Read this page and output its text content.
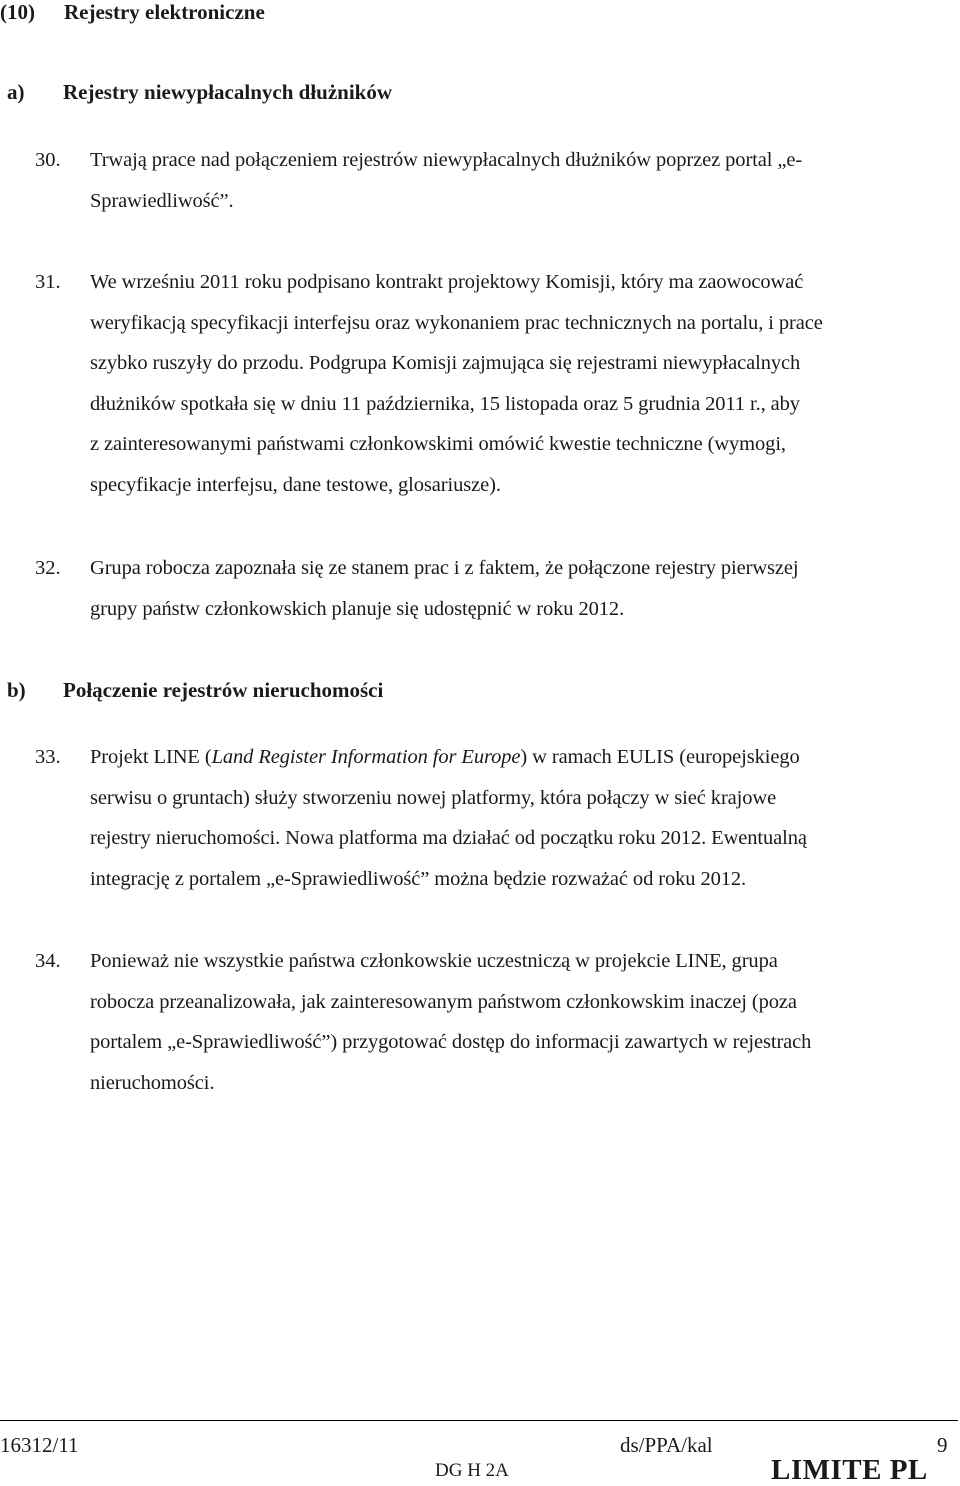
(10) Rejestry elektroniczne
a) Rejestry niewypłacalnych dłużników
30. Trwają prace nad połączeniem rejestrów niewypłacalnych dłużników poprzez portal „e-
Sprawiedliwość”.
31. We wrześniu 2011 roku podpisano kontrakt projektowy Komisji, który ma zaowocować
weryfikacją specyfikacji interfejsu oraz wykonaniem prac technicznych na portalu, i prace
szybko ruszyły do przodu. Podgrupa Komisji zajmująca się rejestrami niewypłacalnych
dłużników spotkała się w dniu 11 października, 15 listopada oraz 5 grudnia 2011 r., aby
z zainteresowanymi państwami członkowskimi omówić kwestie techniczne (wymogi,
specyfikacje interfejsu, dane testowe, glosariusze).
32. Grupa robocza zapoznała się ze stanem prac i z faktem, że połączone rejestry pierwszej
grupy państw członkowskich planuje się udostępnić w roku 2012.
b) Połączenie rejestrów nieruchomości
33. Projekt LINE (Land Register Information for Europe) w ramach EULIS (europejskiego
serwisu o gruntach) służy stworzeniu nowej platformy, która połączy w sieć krajowe
rejestry nieruchomości. Nowa platforma ma działać od początku roku 2012. Ewentualną
integrację z portalem „e-Sprawiedliwość” można będzie rozważać od roku 2012.
34. Ponieważ nie wszystkie państwa członkowskie uczestniczą w projekcie LINE, grupa
robocza przeanalizowała, jak zainteresowanym państwom członkowskim inaczej (poza
portalem „e-Sprawiedliwość”) przygotować dostęp do informacji zawartych w rejestrach
nieruchomości.
16312/11	ds/PPA/kal	9
DG H 2A	LIMITE PL
